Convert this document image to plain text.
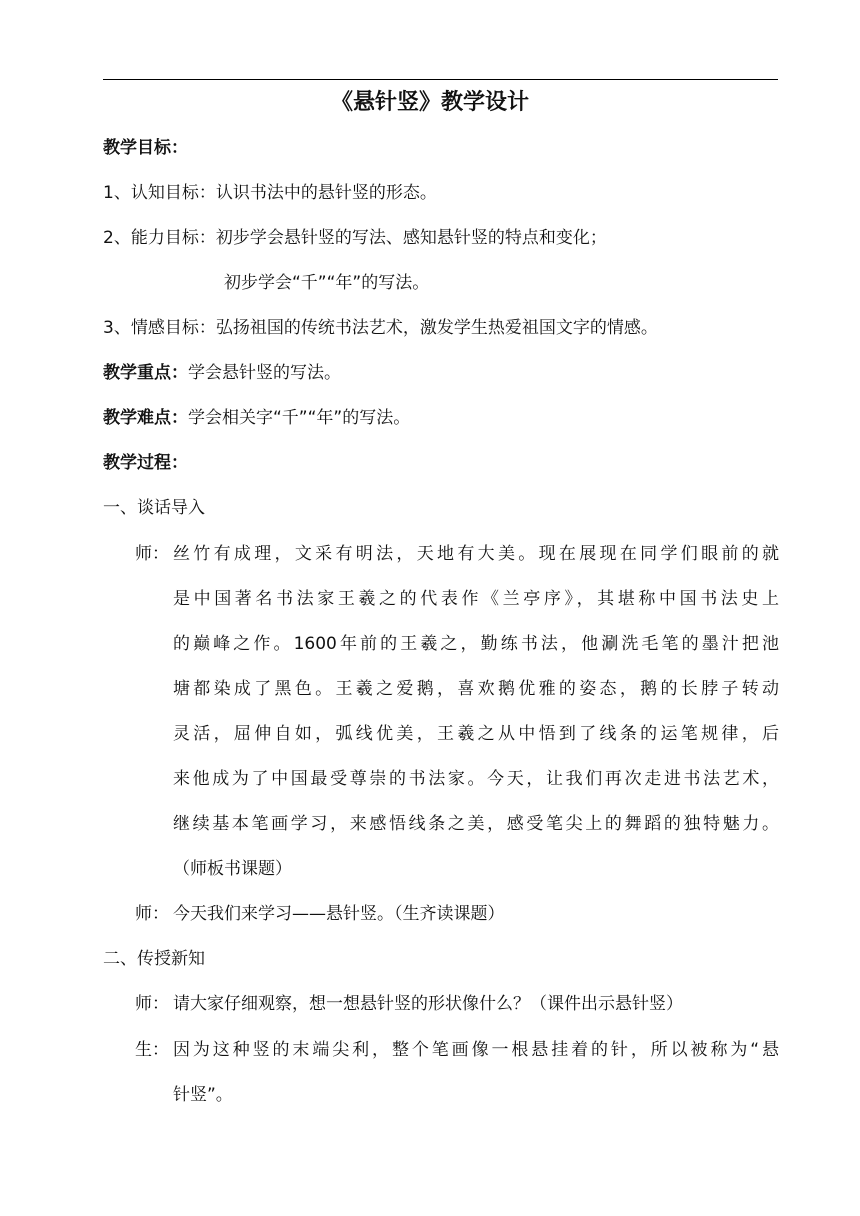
《悬针竖》教学设计
教学目标：
1、认知目标：认识书法中的悬针竖的形态。
2、能力目标：初步学会悬针竖的写法、感知悬针竖的特点和变化；
初步学会“千”“年”的写法。
3、情感目标：弘扬祖国的传统书法艺术，激发学生热爱祖国文字的情感。
教学重点：学会悬针竖的写法。
教学难点：学会相关字“千”“年”的写法。
教学过程：
一、谈话导入
师： 丝竹有成理，文采有明法，天地有大美。现在展现在同学们眼前的就
是中国著名书法家王羲之的代表作《兰亭序》，其堪称中国书法史上
的巅峰之作。1600年前的王羲之，勤练书法，他涮洗毛笔的墨汁把池
塘都染成了黑色。王羲之爱鹅，喜欢鹅优雅的姿态，鹅的长脖子转动
灵活，屈伸自如，弧线优美，王羲之从中悟到了线条的运笔规律，后
来他成为了中国最受尊崇的书法家。今天，让我们再次走进书法艺术，
继续基本笔画学习，来感悟线条之美，感受笔尖上的舞蹈的独特魅力。
（师板书课题）
师： 今天我们来学习——悬针竖。（生齐读课题）
二、传授新知
师： 请大家仔细观察，想一想悬针竖的形状像什么？（课件出示悬针竖）
生： 因为这种竖的末端尖利，整个笔画像一根悬挂着的针，所以被称为“悬
针竖”。
